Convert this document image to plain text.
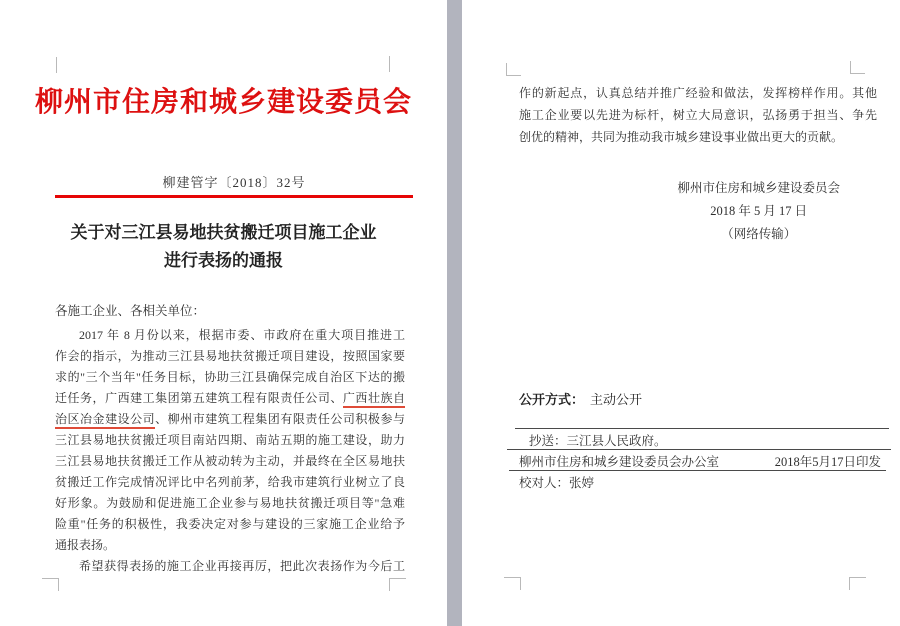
柳州市住房和城乡建设委员会
柳建管字〔2018〕32号
关于对三江县易地扶贫搬迁项目施工企业
进行表扬的通报
各施工企业、各相关单位：
2017 年 8 月份以来，根据市委、市政府在重大项目推进工
作会的指示，为推动三江县易地扶贫搬迁项目建设，按照国家要
求的"三个当年"任务目标，协助三江县确保完成自治区下达的搬
迁任务，广西建工集团第五建筑工程有限责任公司、广西壮族自
治区冶金建设公司、柳州市建筑工程集团有限责任公司积极参与
三江县易地扶贫搬迁项目南站四期、南站五期的施工建设，助力
三江县易地扶贫搬迁工作从被动转为主动，并最终在全区易地扶
贫搬迁工作完成情况评比中名列前茅，给我市建筑行业树立了良
好形象。为鼓励和促进施工企业参与易地扶贫搬迁项目等"急难
险重"任务的积极性，我委决定对参与建设的三家施工企业给予
通报表扬。
希望获得表扬的施工企业再接再厉，把此次表扬作为今后工
作的新起点，认真总结并推广经验和做法，发挥榜样作用。其他
施工企业要以先进为标杆，树立大局意识，弘扬勇于担当、争先
创优的精神，共同为推动我市城乡建设事业做出更大的贡献。
柳州市住房和城乡建设委员会
2018 年 5 月 17 日
（网络传输）
公开方式： 主动公开
抄送：三江县人民政府。
柳州市住房和城乡建设委员会办公室	2018年5月17日印发
校对人：张婷
